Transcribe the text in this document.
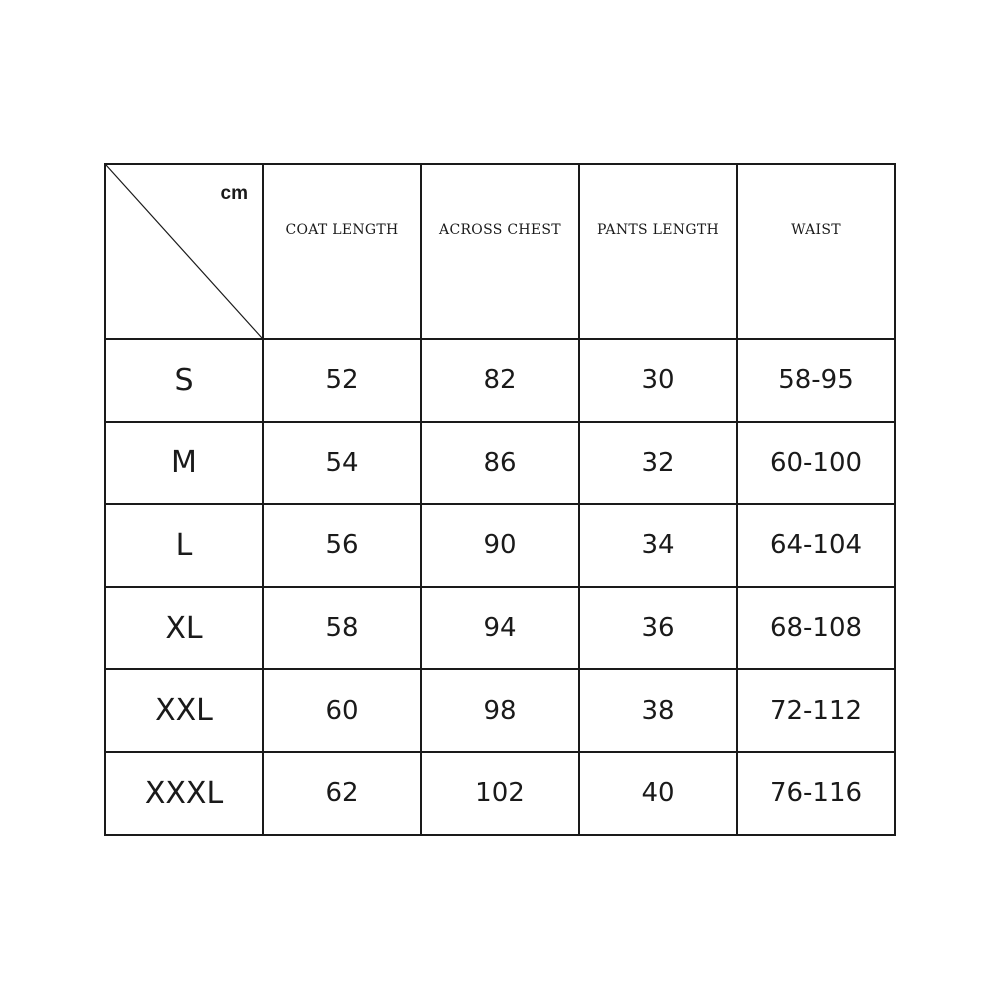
cm	COAT LENGTH	ACROSS CHEST	PANTS LENGTH	WAIST

S	52	82	30	58-95
M	54	86	32	60-100
L	56	90	34	64-104
XL	58	94	36	68-108
XXL	60	98	38	72-112
XXXL	62	102	40	76-116
